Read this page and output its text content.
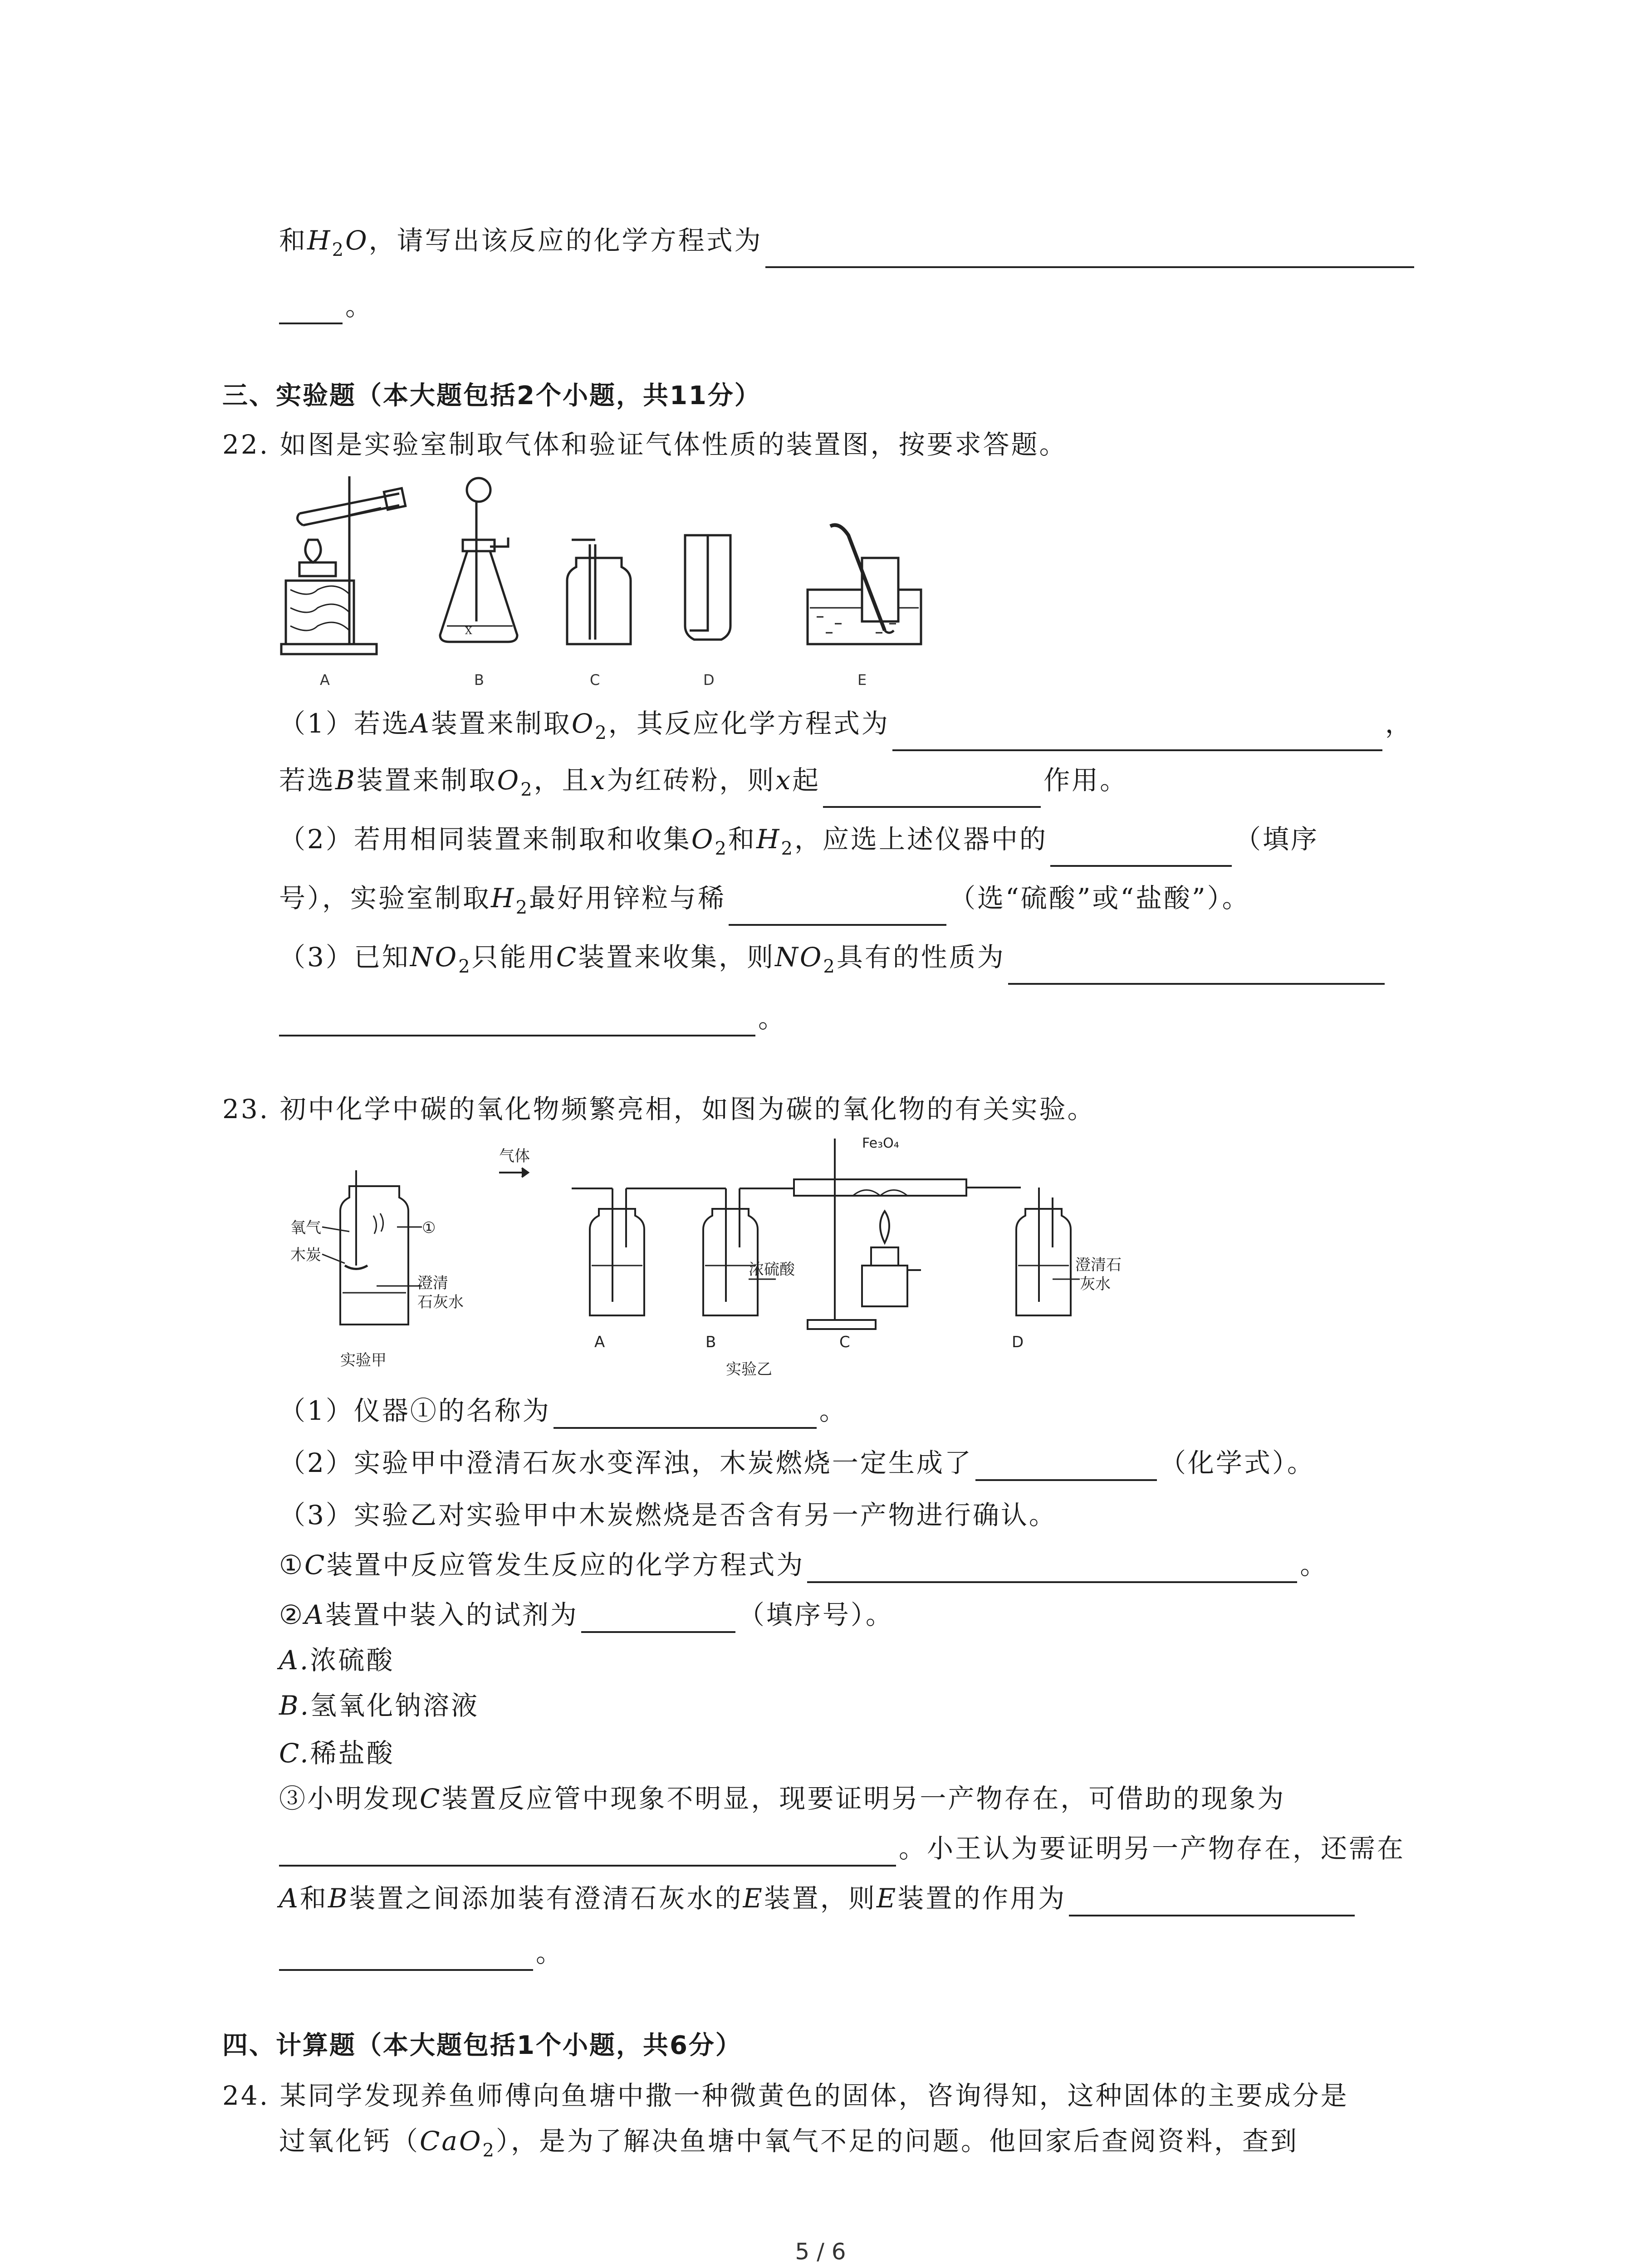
和$H_2O$，请写出该反应的化学方程式为
。
三、实验题（本大题包括2个小题，共11分）
22. 如图是实验室制取气体和验证气体性质的装置图，按要求答题。
X
A	B	C	D	E
（1）若选A装置来制取$O_2$，其反应化学方程式为	，
若选B装置来制取$O_2$，且x为红砖粉，则x起	作用。
（2）若用相同装置来制取和收集$O_2$和$H_2$，应选上述仪器中的	（填序
号），实验室制取$H_2$最好用锌粒与稀	（选“硫酸”或“盐酸”）。
（3）已知$NO_2$只能用C装置来收集，则$NO_2$具有的性质为
。
23. 初中化学中碳的氧化物频繁亮相，如图为碳的氧化物的有关实验。
氧气
木炭
①
澄清
石灰水
实验甲
气体
Fe₃O₄
浓硫酸	澄清石
灰水
A	B	C	D
实验乙
（1）仪器①的名称为	。
（2）实验甲中澄清石灰水变浑浊，木炭燃烧一定生成了	（化学式）。
（3）实验乙对实验甲中木炭燃烧是否含有另一产物进行确认。
①C装置中反应管发生反应的化学方程式为	。
②A装置中装入的试剂为	（填序号）。
A.浓硫酸
B.氢氧化钠溶液
C.稀盐酸
③小明发现C装置反应管中现象不明显，现要证明另一产物存在，可借助的现象为
。小王认为要证明另一产物存在，还需在
A和B装置之间添加装有澄清石灰水的E装置，则E装置的作用为
。
四、计算题（本大题包括1个小题，共6分）
24. 某同学发现养鱼师傅向鱼塘中撒一种微黄色的固体，咨询得知，这种固体的主要成分是
过氧化钙（CaO$_2$），是为了解决鱼塘中氧气不足的问题。他回家后查阅资料，查到
5 / 6
